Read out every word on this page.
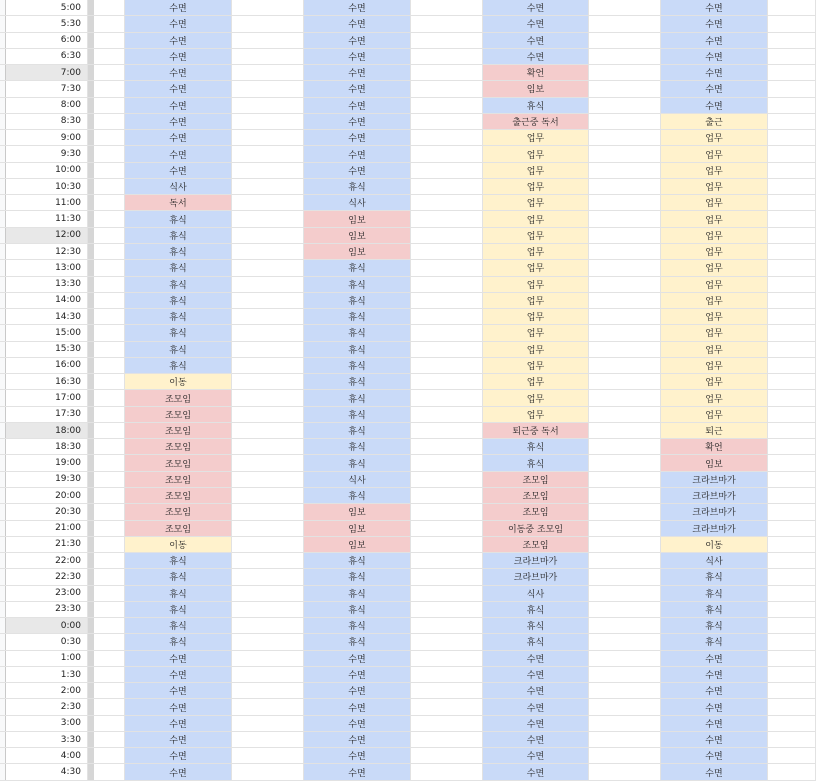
5:00	수면	수면	수면	수면
5:30	수면	수면	수면	수면
6:00	수면	수면	수면	수면
6:30	수면	수면	수면	수면
7:00	수면	수면	확언	수면
7:30	수면	수면	임보	수면
8:00	수면	수면	휴식	수면
8:30	수면	수면	출근중 독서	출근
9:00	수면	수면	업무	업무
9:30	수면	수면	업무	업무
10:00	수면	수면	업무	업무
10:30	식사	휴식	업무	업무
11:00	독서	식사	업무	업무
11:30	휴식	임보	업무	업무
12:00	휴식	임보	업무	업무
12:30	휴식	임보	업무	업무
13:00	휴식	휴식	업무	업무
13:30	휴식	휴식	업무	업무
14:00	휴식	휴식	업무	업무
14:30	휴식	휴식	업무	업무
15:00	휴식	휴식	업무	업무
15:30	휴식	휴식	업무	업무
16:00	휴식	휴식	업무	업무
16:30	이동	휴식	업무	업무
17:00	조모임	휴식	업무	업무
17:30	조모임	휴식	업무	업무
18:00	조모임	휴식	퇴근중 독서	퇴근
18:30	조모임	휴식	휴식	확언
19:00	조모임	휴식	휴식	임보
19:30	조모임	식사	조모임	크라브마가
20:00	조모임	휴식	조모임	크라브마가
20:30	조모임	임보	조모임	크라브마가
21:00	조모임	임보	이동중 조모임	크라브마가
21:30	이동	임보	조모임	이동
22:00	휴식	휴식	크라브마가	식사
22:30	휴식	휴식	크라브마가	휴식
23:00	휴식	휴식	식사	휴식
23:30	휴식	휴식	휴식	휴식
0:00	휴식	휴식	휴식	휴식
0:30	휴식	휴식	휴식	휴식
1:00	수면	수면	수면	수면
1:30	수면	수면	수면	수면
2:00	수면	수면	수면	수면
2:30	수면	수면	수면	수면
3:00	수면	수면	수면	수면
3:30	수면	수면	수면	수면
4:00	수면	수면	수면	수면
4:30	수면	수면	수면	수면
